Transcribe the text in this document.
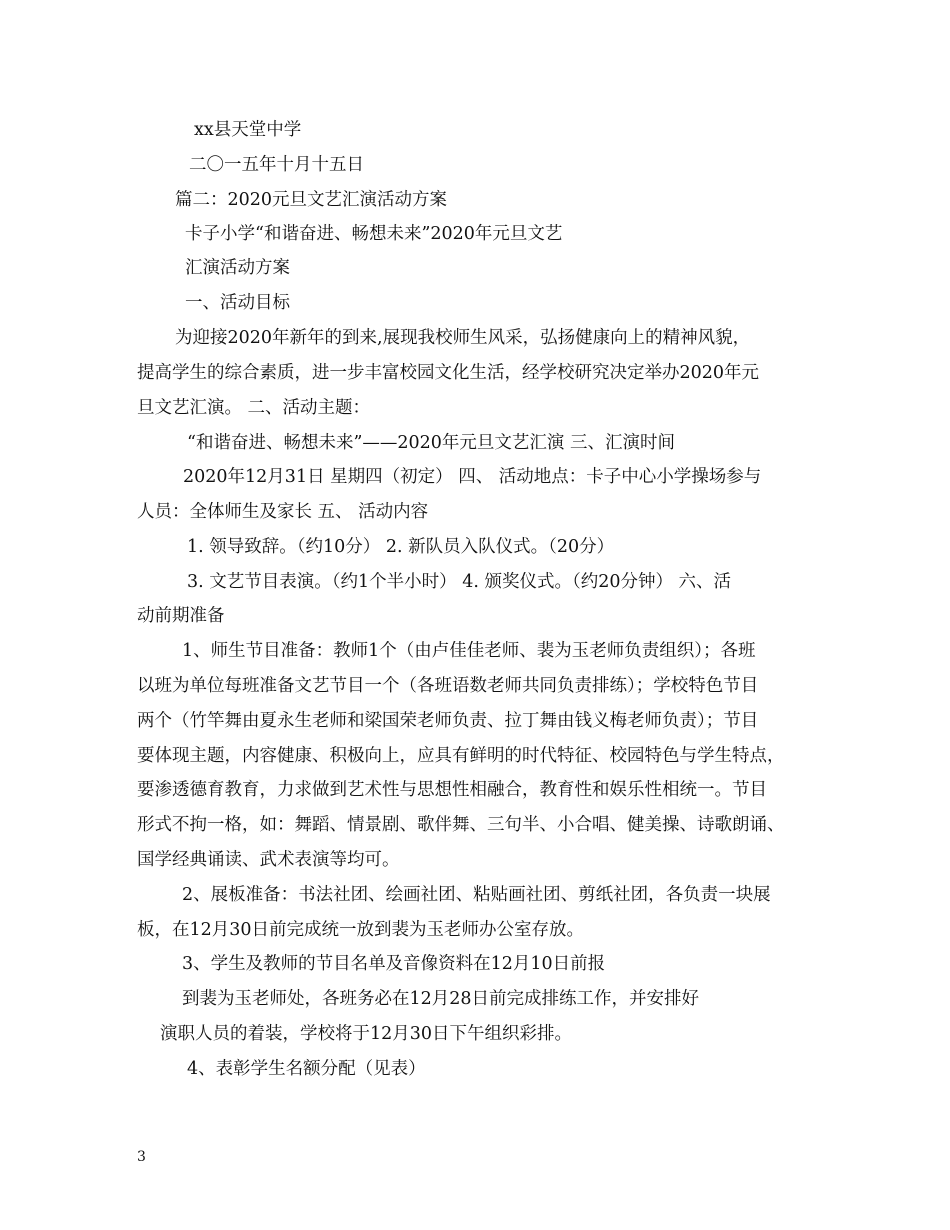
xx县天堂中学
二〇一五年十月十五日
篇二：2020元旦文艺汇演活动方案
卡子小学“和谐奋进、畅想未来”2020年元旦文艺
汇演活动方案
一、活动目标
为迎接2020年新年的到来,展现我校师生风采，弘扬健康向上的精神风貌，
提高学生的综合素质，进一步丰富校园文化生活，经学校研究决定举办2020年元
旦文艺汇演。 二、活动主题：
“和谐奋进、畅想未来”——2020年元旦文艺汇演 三、汇演时间
2020年12月31日 星期四（初定） 四、 活动地点：卡子中心小学操场参与
人员：全体师生及家长 五、 活动内容
1. 领导致辞。（约10分） 2. 新队员入队仪式。（20分）
3. 文艺节目表演。（约1个半小时） 4. 颁奖仪式。（约20分钟） 六、活
动前期准备
1、师生节目准备：教师1个（由卢佳佳老师、裴为玉老师负责组织）；各班
以班为单位每班准备文艺节目一个（各班语数老师共同负责排练）；学校特色节目
两个（竹竿舞由夏永生老师和梁国荣老师负责、拉丁舞由钱义梅老师负责）；节目
要体现主题，内容健康、积极向上，应具有鲜明的时代特征、校园特色与学生特点，
要渗透德育教育，力求做到艺术性与思想性相融合，教育性和娱乐性相统一。节目
形式不拘一格，如：舞蹈、情景剧、歌伴舞、三句半、小合唱、健美操、诗歌朗诵、
国学经典诵读、武术表演等均可。
2、展板准备：书法社团、绘画社团、粘贴画社团、剪纸社团，各负责一块展
板，在12月30日前完成统一放到裴为玉老师办公室存放。
3、学生及教师的节目名单及音像资料在12月10日前报
到裴为玉老师处，各班务必在12月28日前完成排练工作，并安排好
演职人员的着装，学校将于12月30日下午组织彩排。
4、表彰学生名额分配（见表）
3
